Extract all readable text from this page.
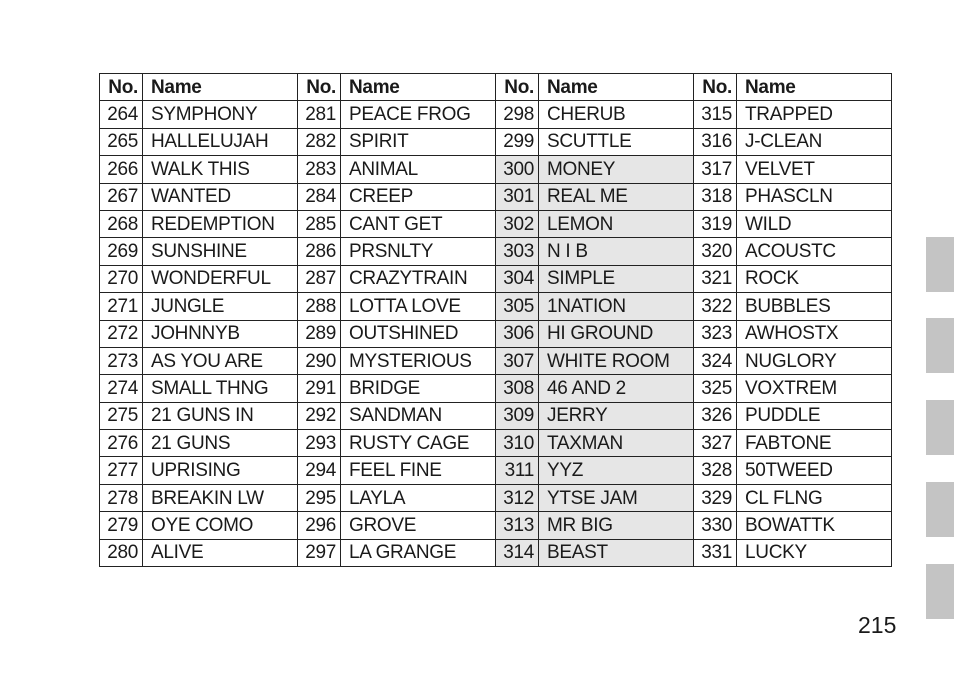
No.	Name	No.	Name	No.	Name	No.	Name
264	SYMPHONY	281	PEACE FROG	298	CHERUB	315	TRAPPED
265	HALLELUJAH	282	SPIRIT	299	SCUTTLE	316	J-CLEAN
266	WALK THIS	283	ANIMAL	300	MONEY	317	VELVET
267	WANTED	284	CREEP	301	REAL ME	318	PHASCLN
268	REDEMPTION	285	CANT GET	302	LEMON	319	WILD
269	SUNSHINE	286	PRSNLTY	303	N I B	320	ACOUSTC
270	WONDERFUL	287	CRAZYTRAIN	304	SIMPLE	321	ROCK
271	JUNGLE	288	LOTTA LOVE	305	1NATION	322	BUBBLES
272	JOHNNYB	289	OUTSHINED	306	HI GROUND	323	AWHOSTX
273	AS YOU ARE	290	MYSTERIOUS	307	WHITE ROOM	324	NUGLORY
274	SMALL THNG	291	BRIDGE	308	46 AND 2	325	VOXTREM
275	21 GUNS IN	292	SANDMAN	309	JERRY	326	PUDDLE
276	21 GUNS	293	RUSTY CAGE	310	TAXMAN	327	FABTONE
277	UPRISING	294	FEEL FINE	311	YYZ	328	50TWEED
278	BREAKIN LW	295	LAYLA	312	YTSE JAM	329	CL FLNG
279	OYE COMO	296	GROVE	313	MR BIG	330	BOWATTK
280	ALIVE	297	LA GRANGE	314	BEAST	331	LUCKY
215
